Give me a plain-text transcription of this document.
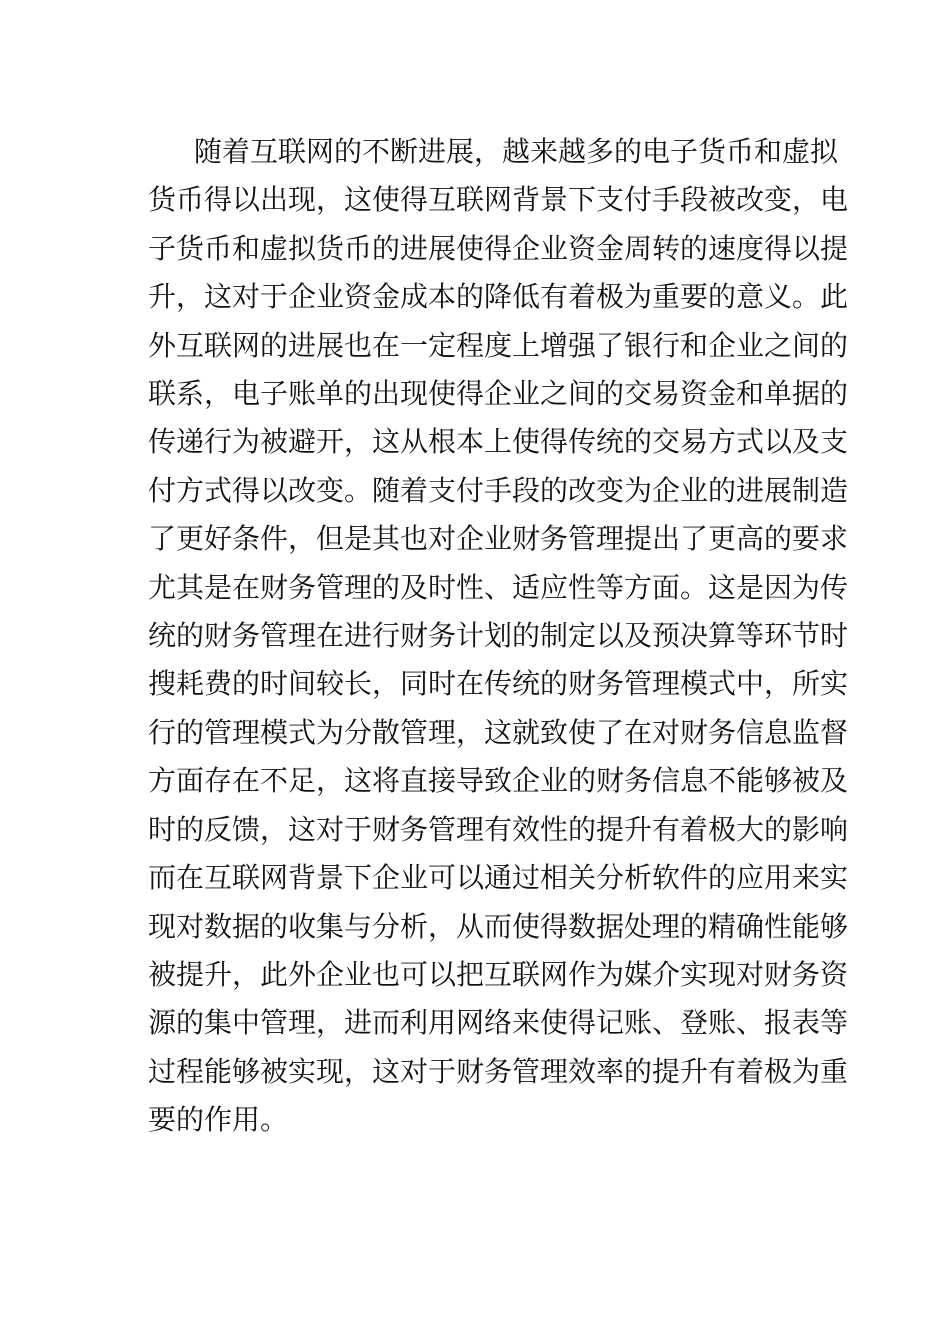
随着互联网的不断进展，越来越多的电子货币和虚拟
货币得以出现，这使得互联网背景下支付手段被改变，电
子货币和虚拟货币的进展使得企业资金周转的速度得以提
升，这对于企业资金成本的降低有着极为重要的意义。此
外互联网的进展也在一定程度上增强了银行和企业之间的
联系，电子账单的出现使得企业之间的交易资金和单据的
传递行为被避开，这从根本上使得传统的交易方式以及支
付方式得以改变。随着支付手段的改变为企业的进展制造
了更好条件，但是其也对企业财务管理提出了更高的要求
尤其是在财务管理的及时性、适应性等方面。这是因为传
统的财务管理在进行财务计划的制定以及预决算等环节时
搜耗费的时间较长，同时在传统的财务管理模式中，所实
行的管理模式为分散管理，这就致使了在对财务信息监督
方面存在不足，这将直接导致企业的财务信息不能够被及
时的反馈，这对于财务管理有效性的提升有着极大的影响
而在互联网背景下企业可以通过相关分析软件的应用来实
现对数据的收集与分析，从而使得数据处理的精确性能够
被提升，此外企业也可以把互联网作为媒介实现对财务资
源的集中管理，进而利用网络来使得记账、登账、报表等
过程能够被实现，这对于财务管理效率的提升有着极为重
要的作用。
